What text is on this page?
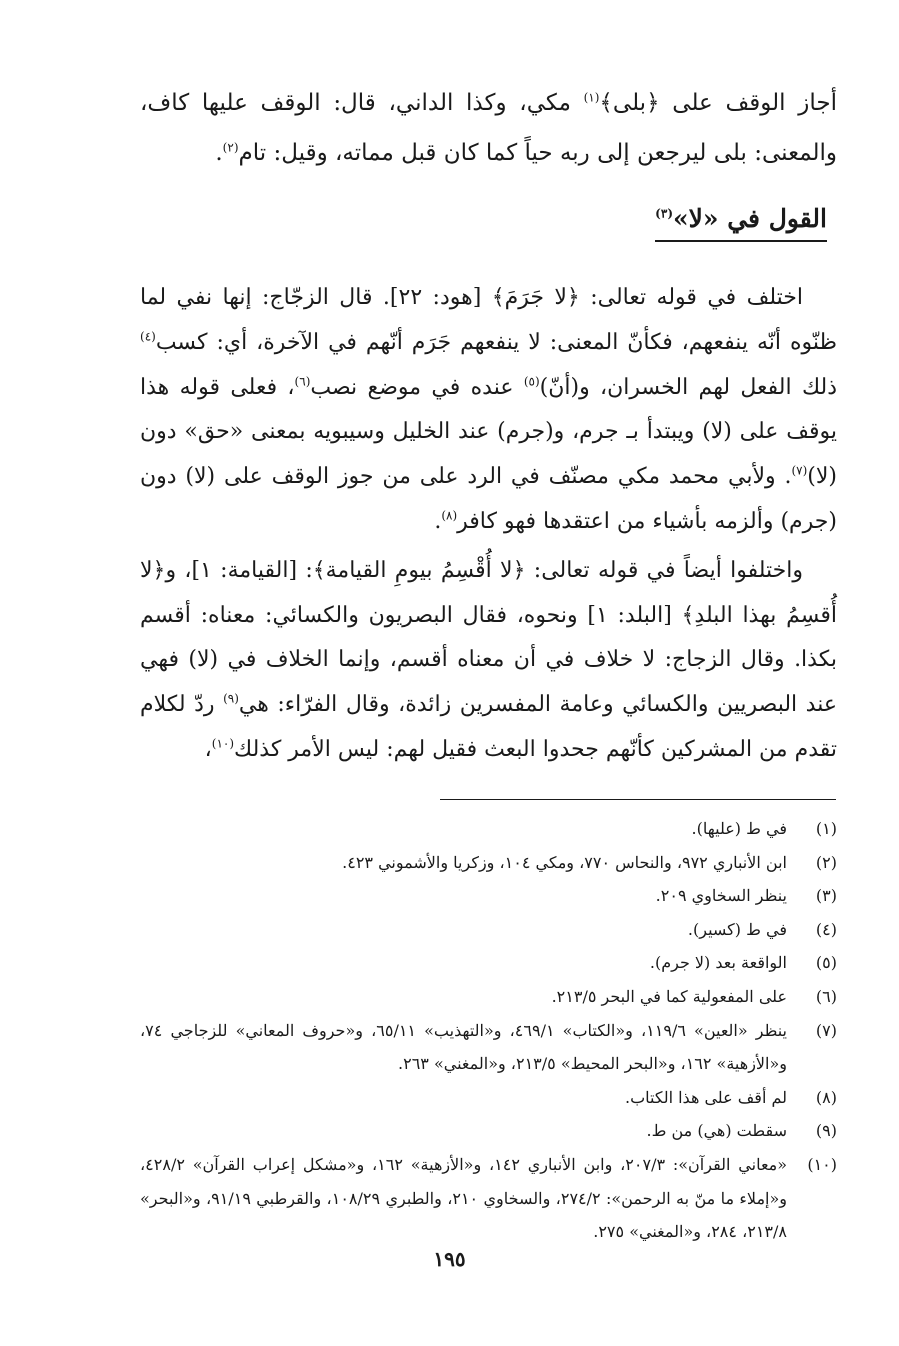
أجاز الوقف على ﴿بلى﴾$^{(١)}$ مكي، وكذا الداني، قال: الوقف عليها كاف، والمعنى: بلى ليرجعن إلى ربه حياً كما كان قبل مماته، وقيل: تام$^{(٢)}$.
القول في «لا»$^{(٣)}$

اختلف في قوله تعالى: ﴿لا جَرَمَ﴾ [هود: ٢٢]. قال الزجّاج: إنها نفي لما ظنّوه أنّه ينفعهم، فكأنّ المعنى: لا ينفعهم جَرَم أنّهم في الآخرة، أي: كسب$^{(٤)}$ ذلك الفعل لهم الخسران، و(أنّ)$^{(٥)}$ عنده في موضع نصب$^{(٦)}$، فعلى قوله هذا يوقف على (لا) ويبتدأ بـ جرم، و(جرم) عند الخليل وسيبويه بمعنى «حق» دون (لا)$^{(٧)}$. ولأبي محمد مكي مصنّف في الرد على من جوز الوقف على (لا) دون (جرم) وألزمه بأشياء من اعتقدها فهو كافر$^{(٨)}$.

واختلفوا أيضاً في قوله تعالى: ﴿لا أُقْسِمُ بيومِ القيامة﴾: [القيامة: ١]، و﴿لا أُقسِمُ بهذا البلدِ﴾ [البلد: ١] ونحوه، فقال البصريون والكسائي: معناه: أقسم بكذا. وقال الزجاج: لا خلاف في أن معناه أقسم، وإنما الخلاف في (لا) فهي عند البصريين والكسائي وعامة المفسرين زائدة، وقال الفرّاء: هي$^{(٩)}$ ردّ لكلام تقدم من المشركين كأنّهم جحدوا البعث فقيل لهم: ليس الأمر كذلك$^{(١٠)}$،

(١)
في ط (عليها).
(٢)
ابن الأنباري ٩٧٢، والنحاس ٧٧٠، ومكي ١٠٤، وزكريا والأشموني ٤٢٣.
(٣)
ينظر السخاوي ٢٠٩.
(٤)
في ط (كسير).
(٥)
الواقعة بعد (لا جرم).
(٦)
على المفعولية كما في البحر ٢١٣/٥.
(٧)
ينظر «العين» ١١٩/٦، و«الكتاب» ٤٦٩/١، و«التهذيب» ٦٥/١١، و«حروف المعاني» للزجاجي ٧٤، و«الأزهية» ١٦٢، و«البحر المحيط» ٢١٣/٥، و«المغني» ٢٦٣.
(٨)
لم أقف على هذا الكتاب.
(٩)
سقطت (هي) من ط.
(١٠)
«معاني القرآن»: ٢٠٧/٣، وابن الأنباري ١٤٢، و«الأزهية» ١٦٢، و«مشكل إعراب القرآن» ٤٢٨/٢، و«إملاء ما منّ به الرحمن»: ٢٧٤/٢، والسخاوي ٢١٠، والطبري ١٠٨/٢٩، والقرطبي ٩١/١٩، و«البحر» ٢١٣/٨، ٢٨٤، و«المغني» ٢٧٥.
١٩٥
